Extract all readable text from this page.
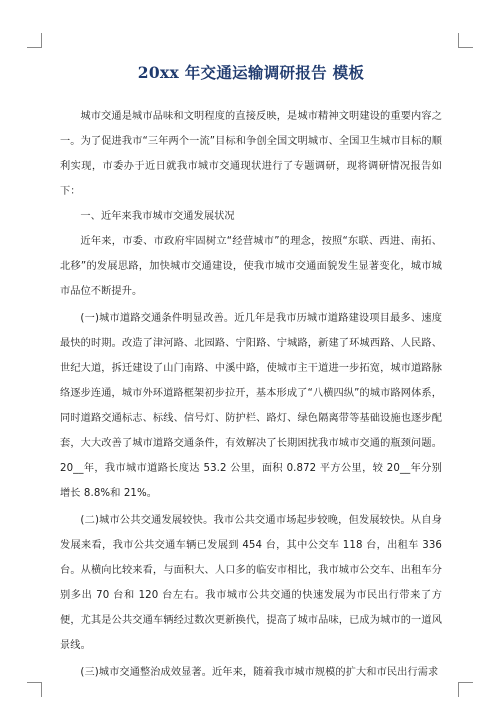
20xx 年交通运输调研报告 模板

城市交通是城市品味和文明程度的直接反映，是城市精神文明建设的重要内容之一。为了促进我市“三年两个一流”目标和争创全国文明城市、全国卫生城市目标的顺利实现，市委办于近日就我市城市交通现状进行了专题调研，现将调研情况报告如下：

一、近年来我市城市交通发展状况

近年来，市委、市政府牢固树立“经营城市”的理念，按照“东联、西进、南拓、北移”的发展思路，加快城市交通建设，使我市城市交通面貌发生显著变化，城市城市品位不断提升。

(一)城市道路交通条件明显改善。近几年是我市历城市道路建设项目最多、速度最快的时期。改造了津河路、北园路、宁阳路、宁城路，新建了环城西路、人民路、世纪大道，拆迁建设了山门南路、中溪中路，使城市主干道进一步拓宽，城市道路脉络逐步连通，城市外环道路框架初步拉开，基本形成了“八横四纵”的城市路网体系，同时道路交通标志、标线、信号灯、防护栏、路灯、绿色隔离带等基础设施也逐步配套，大大改善了城市道路交通条件，有效解决了长期困扰我市城市交通的瓶颈问题。20__年，我市城市道路长度达 53.2 公里，面积 0.872 平方公里，较 20__年分别增长 8.8%和 21%。

(二)城市公共交通发展较快。我市公共交通市场起步较晚，但发展较快。从自身发展来看，我市公共交通车辆已发展到 454 台，其中公交车 118 台，出租车 336 台。从横向比较来看，与面积大、人口多的临安市相比，我市城市公交车、出租车分别多出 70 台和 120 台左右。我市城市公共交通的快速发展为市民出行带来了方便，尤其是公共交通车辆经过数次更新换代，提高了城市品味，已成为城市的一道风景线。

(三)城市交通整治成效显著。近年来，随着我市城市规模的扩大和市民出行需求
